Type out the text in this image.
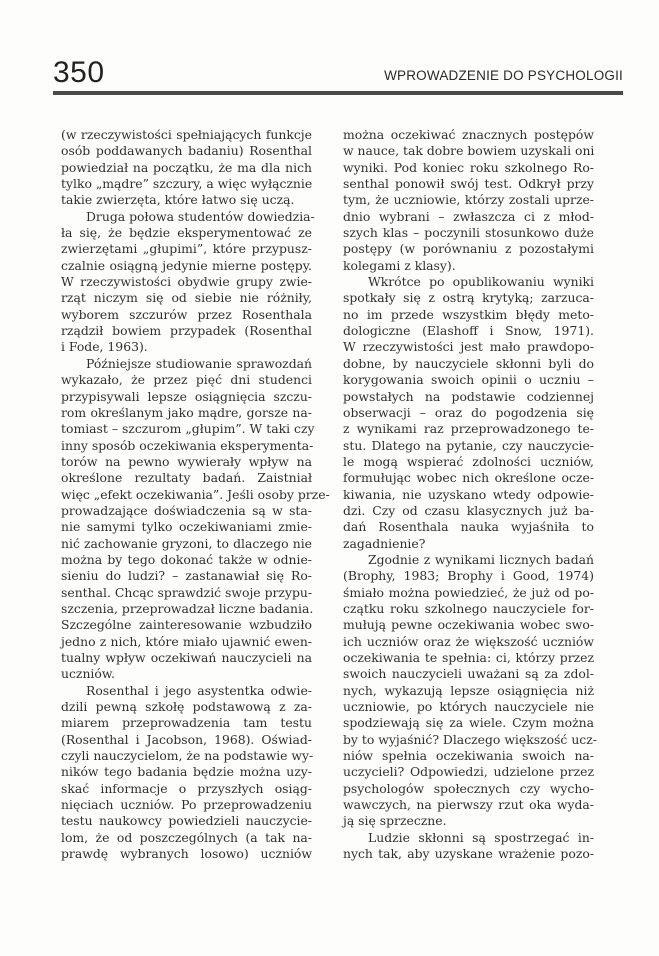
350	WPROWADZENIE DO PSYCHOLOGII
(w rzeczywistości spełniających funkcje
osób poddawanych badaniu) Rosenthal
powiedział na początku, że ma dla nich
tylko „mądre” szczury, a więc wyłącznie
takie zwierzęta, które łatwo się uczą.
Druga połowa studentów dowiedzia-
ła się, że będzie eksperymentować ze
zwierzętami „głupimi”, które przypusz-
czalnie osiągną jedynie mierne postępy.
W rzeczywistości obydwie grupy zwie-
rząt niczym się od siebie nie różniły,
wyborem szczurów przez Rosenthala
rządził bowiem przypadek (Rosenthal
i Fode, 1963).
Późniejsze studiowanie sprawozdań
wykazało, że przez pięć dni studenci
przypisywali lepsze osiągnięcia szczu-
rom określanym jako mądre, gorsze na-
tomiast – szczurom „głupim”. W taki czy
inny sposób oczekiwania eksperymenta-
torów na pewno wywierały wpływ na
określone rezultaty badań. Zaistniał
więc „efekt oczekiwania”. Jeśli osoby prze-
prowadzające doświadczenia są w sta-
nie samymi tylko oczekiwaniami zmie-
nić zachowanie gryzoni, to dlaczego nie
można by tego dokonać także w odnie-
sieniu do ludzi? – zastanawiał się Ro-
senthal. Chcąc sprawdzić swoje przypu-
szczenia, przeprowadzał liczne badania.
Szczególne zainteresowanie wzbudziło
jedno z nich, które miało ujawnić ewen-
tualny wpływ oczekiwań nauczycieli na
uczniów.
Rosenthal i jego asystentka odwie-
dzili pewną szkołę podstawową z za-
miarem przeprowadzenia tam testu
(Rosenthal i Jacobson, 1968). Oświad-
czyli nauczycielom, że na podstawie wy-
ników tego badania będzie można uzy-
skać informacje o przyszłych osiąg-
nięciach uczniów. Po przeprowadzeniu
testu naukowcy powiedzieli nauczycie-
lom, że od poszczególnych (a tak na-
prawdę wybranych losowo) uczniów
można oczekiwać znacznych postępów
w nauce, tak dobre bowiem uzyskali oni
wyniki. Pod koniec roku szkolnego Ro-
senthal ponowił swój test. Odkrył przy
tym, że uczniowie, którzy zostali uprze-
dnio wybrani – zwłaszcza ci z młod-
szych klas – poczynili stosunkowo duże
postępy (w porównaniu z pozostałymi
kolegami z klasy).
Wkrótce po opublikowaniu wyniki
spotkały się z ostrą krytyką; zarzuca-
no im przede wszystkim błędy meto-
dologiczne (Elashoff i Snow, 1971).
W rzeczywistości jest mało prawdopo-
dobne, by nauczyciele skłonni byli do
korygowania swoich opinii o uczniu –
powstałych na podstawie codziennej
obserwacji – oraz do pogodzenia się
z wynikami raz przeprowadzonego te-
stu. Dlatego na pytanie, czy nauczycie-
le mogą wspierać zdolności uczniów,
formułując wobec nich określone ocze-
kiwania, nie uzyskano wtedy odpowie-
dzi. Czy od czasu klasycznych już ba-
dań Rosenthala nauka wyjaśniła to
zagadnienie?
Zgodnie z wynikami licznych badań
(Brophy, 1983; Brophy i Good, 1974)
śmiało można powiedzieć, że już od po-
czątku roku szkolnego nauczyciele for-
mułują pewne oczekiwania wobec swo-
ich uczniów oraz że większość uczniów
oczekiwania te spełnia: ci, którzy przez
swoich nauczycieli uważani są za zdol-
nych, wykazują lepsze osiągnięcia niż
uczniowie, po których nauczyciele nie
spodziewają się za wiele. Czym można
by to wyjaśnić? Dlaczego większość ucz-
niów spełnia oczekiwania swoich na-
uczycieli? Odpowiedzi, udzielone przez
psychologów społecznych czy wycho-
wawczych, na pierwszy rzut oka wyda-
ją się sprzeczne.
Ludzie skłonni są spostrzegać in-
nych tak, aby uzyskane wrażenie pozo-
